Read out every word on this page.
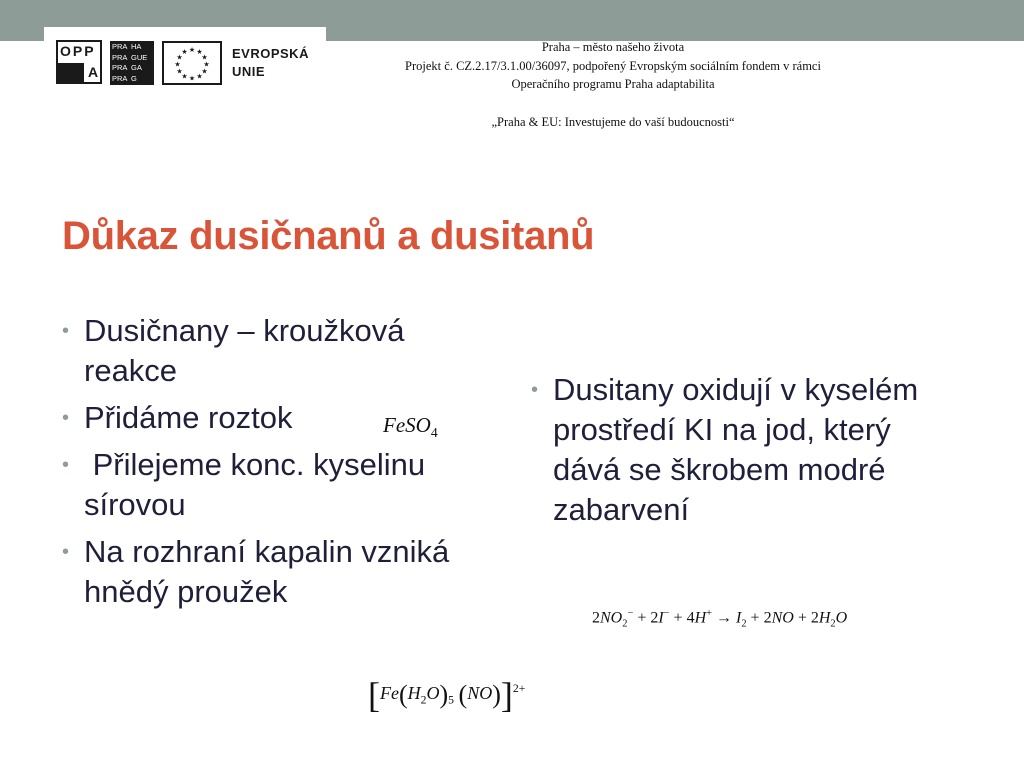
OPP
A
PRA HA
PRA GUE
PRA GA
PRA G
★ ★
★
★
★
★
★
★
★
★
★
★	EVROPSKÁ
UNIE
Praha – město našeho života
Projekt č. CZ.2.17/3.1.00/36097, podpořený Evropským sociálním fondem v rámci
Operačního programu Praha adaptabilita
„Praha & EU: Investujeme do vaší budoucnosti“
Důkaz dusičnanů a dusitanů
• Dusičnany – kroužková reakce
• Přidáme roztok
• Přilejeme konc. kyselinu sírovou
• Na rozhraní kapalin vzniká hnědý proužek
• Dusitany oxidují v kyselém prostředí KI na jod, který dává se škrobem modré zabarvení
FeSO$_4$
$2NO_2^- + 2I^- + 4H^+ \to I_2 + 2NO + 2H_2O$
[$Fe(H_2O)_5$ (NO)]$^{2+}$
